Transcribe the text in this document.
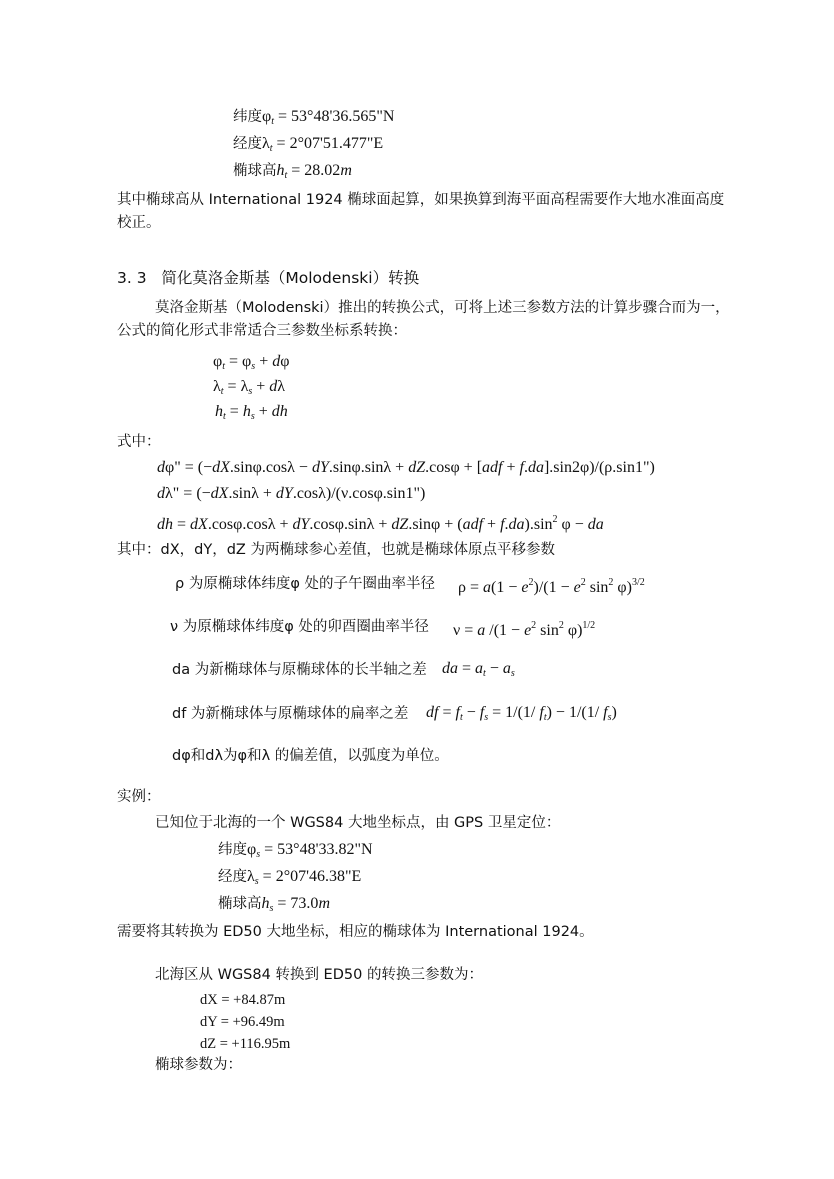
纬度$\varphi_t$ = 53°48'36.565"N
经度$\lambda_t$ = 2°07'51.477"E
椭球高$h_t = 28.02m$
其中椭球高从 International 1924 椭球面起算，如果换算到海平面高程需要作大地水准面高度
校正。
3. 3 简化莫洛金斯基（Molodenski）转换
莫洛金斯基（Molodenski）推出的转换公式，可将上述三参数方法的计算步骤合而为一，
公式的简化形式非常适合三参数坐标系转换：
$\varphi_t = \varphi_s + d\varphi$
$\lambda_t = \lambda_s + d\lambda$
$h_t = h_s$ + dh
式中：
dφ" = (−dX.sinφ.cosλ − dY.sinφ.sinλ + dZ.cosφ + [adf + f.da].sin2φ)/(ρ.sin1")
dλ" = (−dX.sinλ + dY.cosλ)/(ν.cosφ.sin1")
dh = $dX.\cos\varphi.\cos\lambda + dY.\cos\varphi.\sin\lambda + dZ.\sin\varphi + (adf + f.da).\sin^2$ φ − da
其中：dX，dY，dZ 为两椭球参心差值，也就是椭球体原点平移参数
ρ 为原椭球体纬度φ 处的子午圈曲率半径 $\rho = a(1 - e^2)/(1 - e^2$ $\sin^2 \varphi)^{3/2}$
ν 为原椭球体纬度φ 处的卯酉圈曲率半径 ν = a $/(1 - e^2$ $\sin^2 \varphi)^{1/2}$
da 为新椭球体与原椭球体的长半轴之差 da = $a_t - a_s$
df 为新椭球体与原椭球体的扁率之差 df = $f_t - f_s = 1/(1/$ $f_t) - 1/(1/$ $f_s$)
dφ和dλ为φ和λ 的偏差值，以弧度为单位。
实例：
已知位于北海的一个 WGS84 大地坐标点，由 GPS 卫星定位：
纬度$\varphi_s$ = 53°48'33.82"N
经度$\lambda_s$ = 2°07'46.38"E
椭球高$h_s = 73.0m$
需要将其转换为 ED50 大地坐标，相应的椭球体为 International 1924。
北海区从 WGS84 转换到 ED50 的转换三参数为：
dX = +84.87m
dY = +96.49m
dZ = +116.95m
椭球参数为：
